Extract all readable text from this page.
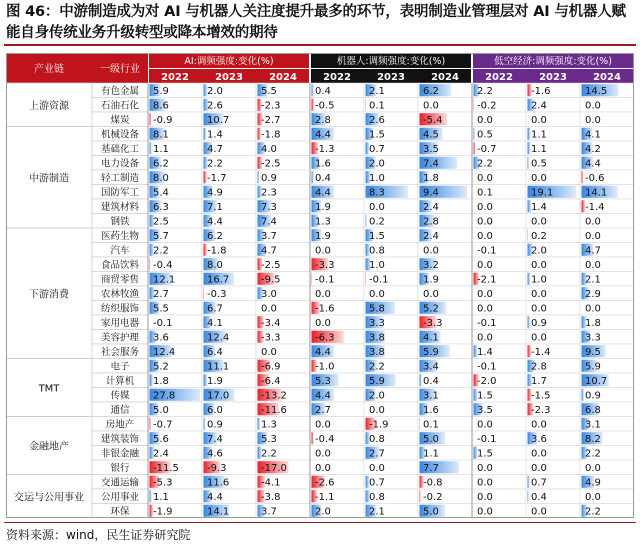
图 46：中游制造成为对 AI 与机器人关注度提升最多的环节，表明制造业管理层对 AI 与机器人赋能自身传统业务升级转型或降本增效的期待
产业链	一级行业
AI:调频强度:变化(%)
2022	2023	2024
机器人:调频强度:变化(%)
2022	2023	2024
低空经济:调频强度:变化(%)
2022	2023	2024
上游资源
有色金属 5.9	2.0	5.5	0.4	2.1	6.2	2.2	-1.6	14.5
石油石化 8.6	2.6	-2.3	-0.5	0.1	0.0	-0.2	2.4	0.0
煤炭 -0.9	10.7	-2.7	2.8	2.6	-5.4	0.0	0.0	0.0
中游制造
机械设备 8.1	1.4	-1.8	4.4	1.5	4.5	0.5	1.1	4.1
基础化工 1.1	4.7	4.0	-1.3	0.7	3.5	-0.7	1.1	4.2
电力设备 6.2	2.2	-2.5	1.6	2.0	7.4	2.2	0.5	4.4
轻工制造 8.0	-1.7	0.9	0.4	1.0	1.8	0.0	0.0	-0.6
国防军工 5.4	4.9	2.3	4.4	8.3	9.4	0.1	19.1	14.1
建筑材料 6.3	7.1	7.3	1.9	0.0	2.4	0.0	1.4	-1.4
钢铁 2.5	4.4	7.4	1.3	0.2	2.8	0.0	0.0	0.0
下游消费
医药生物 5.7	6.2	3.7	1.9	1.5	2.4	0.0	0.2	0.0
汽车 2.2	-1.8	4.7	0.0	0.8	0.0	-0.1	2.0	4.7
食品饮料 -0.4	8.0	-2.5	-3.3	1.0	3.2	0.0	0.0	0.0
商贸零售 12.1	16.7	-9.5	-0.1	-0.1	1.9	-2.1	1.0	2.1
农林牧渔 2.7	-0.3	3.0	0.0	0.0	0.0	0.0	0.0	2.9
纺织服饰 5.5	6.7	0.0	-1.6	5.8	5.2	0.0	0.0	0.0
家用电器 -0.1	4.1	-3.4	0.0	3.3	-3.3	-0.1	0.9	1.8
美容护理 3.6	12.4	-3.3	-6.3	3.8	4.1	0.0	0.0	3.3
社会服务 12.4	6.4	0.0	4.4	3.8	5.9	1.4	-1.4	9.5
TMT
电子 5.2	11.1	-6.9	-1.0	2.2	3.4	-0.1	2.8	5.9
计算机 1.8	1.9	-6.4	5.3	5.9	0.4	-2.0	1.7	10.7
传媒 27.8	17.0	-13.2	4.4	2.0	3.1	1.5	-1.5	0.9
通信 5.0	6.0	-11.6	2.7	0.0	1.6	3.5	-2.3	6.8
金融地产
房地产 -0.7	0.9	1.3	0.0	-1.9	0.1	0.0	0.0	3.1
建筑装饰 5.6	7.4	5.3	-0.4	0.8	5.0	-0.1	3.6	8.2
非银金融 2.4	4.6	2.2	0.0	2.7	1.1	1.5	0.0	2.2
银行 -11.5	-9.3	-17.0	0.0	0.0	7.7	0.0	0.0	0.0
交运与公用事业
交通运输 -5.3	11.6	-4.1	-2.6	0.7	-0.8	0.0	0.7	4.9
公用事业 1.1	4.4	-3.8	-1.1	0.8	-0.2	0.0	0.4	0.0
环保 -1.9	14.1	3.7	2.0	2.1	5.0	0.0	0.0	2.2
资料来源：wind，民生证券研究院
